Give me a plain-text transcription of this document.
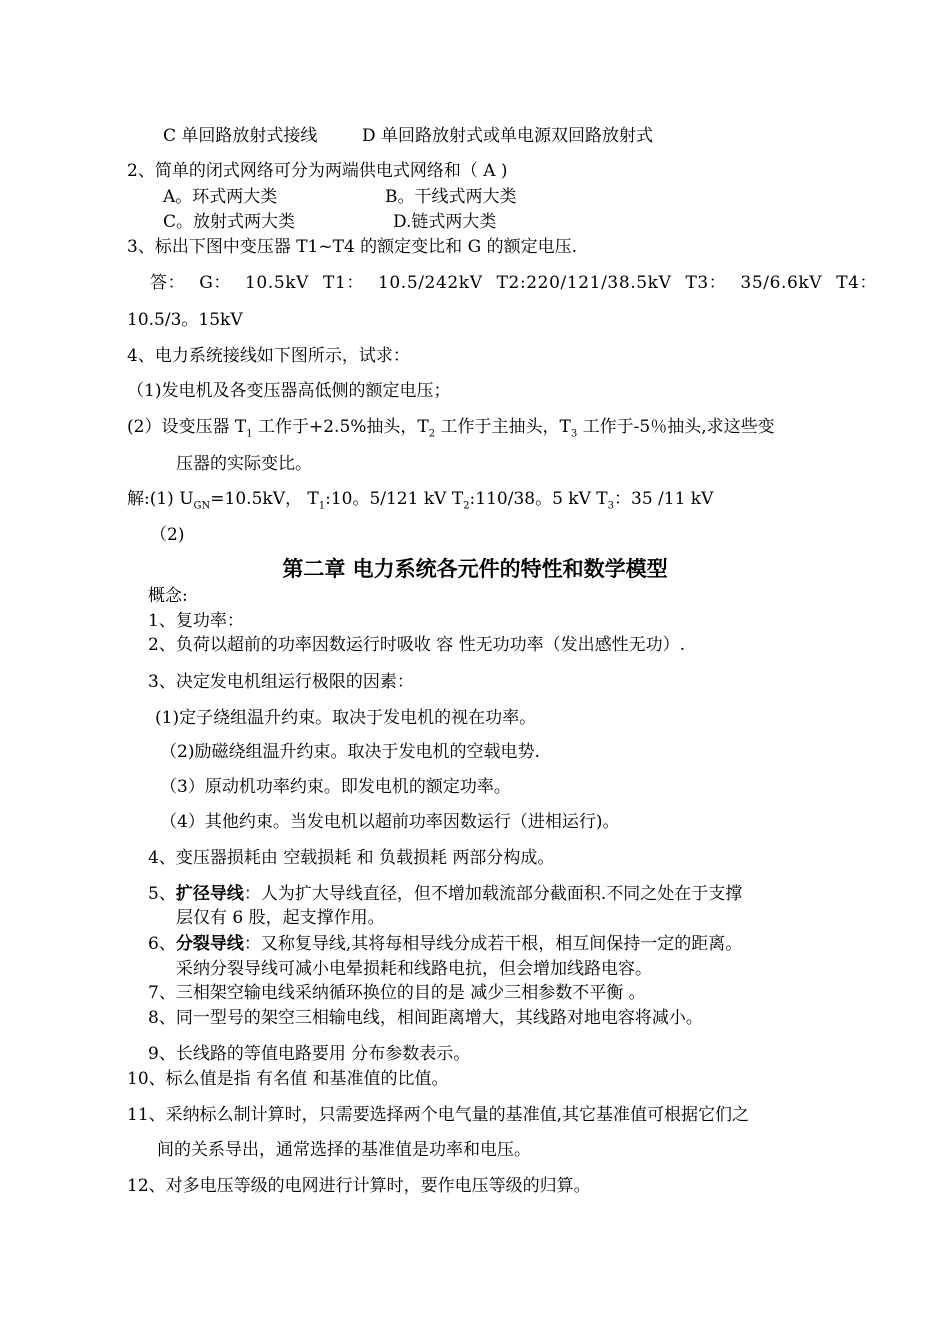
C 单回路放射式接线	D 单回路放射式或单电源双回路放射式
2、简单的闭式网络可分为两端供电式网络和（ A )
A。环式两大类	B。干线式两大类
C。放射式两大类	D.链式两大类
3、标出下图中变压器 T1~T4 的额定变比和 G 的额定电压.
答： G： 10.5kV T1： 10.5/242kV T2:220/121/38.5kV T3： 35/6.6kV T4：
10.5/3。15kV
4、电力系统接线如下图所示，试求：
（1)发电机及各变压器高低侧的额定电压；
(2）设变压器 $T_1$ 工作于+2.5%抽头，$T_2$ 工作于主抽头，$T_3$ 工作于-5％抽头,求这些变
压器的实际变比。
解:(1) $U_{GN}=10.5kV$， $T_1:10$。5/121 kV $T_2:110/38$。5 kV $T_3$：35 /11 kV
（2)
第二章 电力系统各元件的特性和数学模型
概念:
1、复功率：
2、负荷以超前的功率因数运行时吸收 容 性无功功率（发出感性无功）.
3、决定发电机组运行极限的因素：
(1)定子绕组温升约束。取决于发电机的视在功率。
（2)励磁绕组温升约束。取决于发电机的空载电势.
（3）原动机功率约束。即发电机的额定功率。
（4）其他约束。当发电机以超前功率因数运行（进相运行)。
4、变压器损耗由 空载损耗 和 负载损耗 两部分构成。
5、扩径导线：人为扩大导线直径，但不增加载流部分截面积.不同之处在于支撑
层仅有 6 股，起支撑作用。
6、分裂导线：又称复导线,其将每相导线分成若干根，相互间保持一定的距离。
采纳分裂导线可减小电晕损耗和线路电抗，但会增加线路电容。
7、三相架空输电线采纳循环换位的目的是 减少三相参数不平衡 。
8、同一型号的架空三相输电线，相间距离增大，其线路对地电容将减小。
9、长线路的等值电路要用 分布参数表示。
10、标么值是指 有名值 和基准值的比值。
11、采纳标么制计算时，只需要选择两个电气量的基准值,其它基准值可根据它们之
间的关系导出，通常选择的基准值是功率和电压。
12、对多电压等级的电网进行计算时，要作电压等级的归算。
